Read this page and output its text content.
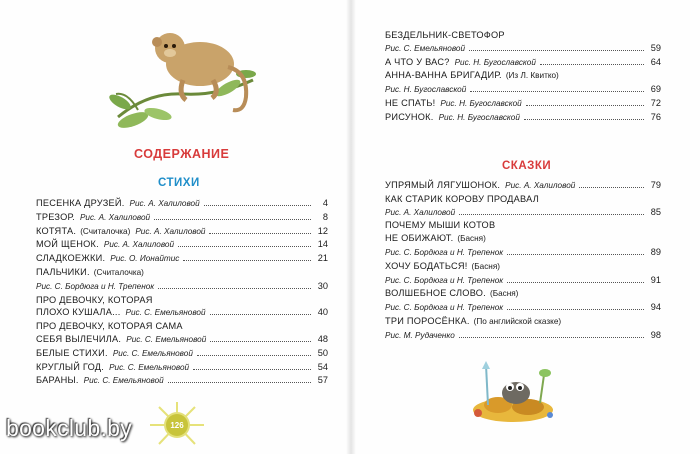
СОДЕРЖАНИЕ
СТИХИ
ПЕСЕНКА ДРУЗЕЙ. Рис. А. Халиловой	4
ТРЕЗОР. Рис. А. Халиловой	8
КОТЯТА. (Считалочка) Рис. А. Халиловой	12
МОЙ ЩЕНОК. Рис. А. Халиловой	14
СЛАДКОЕЖКИ. Рис. О. Ионайтис	21
ПАЛЬЧИКИ. (Считалочка)
Рис. С. Бордюга и Н. Трепенок	30
ПРО ДЕВОЧКУ, КОТОРАЯ
ПЛОХО КУШАЛА... Рис. С. Емельяновой	40
ПРО ДЕВОЧКУ, КОТОРАЯ САМА
СЕБЯ ВЫЛЕЧИЛА. Рис. С. Емельяновой	48
БЕЛЫЕ СТИХИ. Рис. С. Емельяновой	50
КРУГЛЫЙ ГОД. Рис. С. Емельяновой	54
БАРАНЫ. Рис. С. Емельяновой	57
БЕЗДЕЛЬНИК-СВЕТОФОР
Рис. С. Емельяновой	59
А ЧТО У ВАС? Рис. Н. Бугославской	64
АННА-ВАННА БРИГАДИР. (Из Л. Квитко)
Рис. Н. Бугославской	69
НЕ СПАТЬ! Рис. Н. Бугославской	72
РИСУНОК. Рис. Н. Бугославской	76
СКАЗКИ
УПРЯМЫЙ ЛЯГУШОНОК. Рис. А. Халиловой	79
КАК СТАРИК КОРОВУ ПРОДАВАЛ
Рис. А. Халиловой	85
ПОЧЕМУ МЫШИ КОТОВ
НЕ ОБИЖАЮТ. (Басня)
Рис. С. Бордюга и Н. Трепенок	89
ХОЧУ БОДАТЬСЯ! (Басня)
Рис. С. Бордюга и Н. Трепенок	91
ВОЛШЕБНОЕ СЛОВО. (Басня)
Рис. С. Бордюга и Н. Трепенок	94
ТРИ ПОРОСЁНКА. (По английской сказке)
Рис. М. Рудаченко	98
126
bookclub.by
